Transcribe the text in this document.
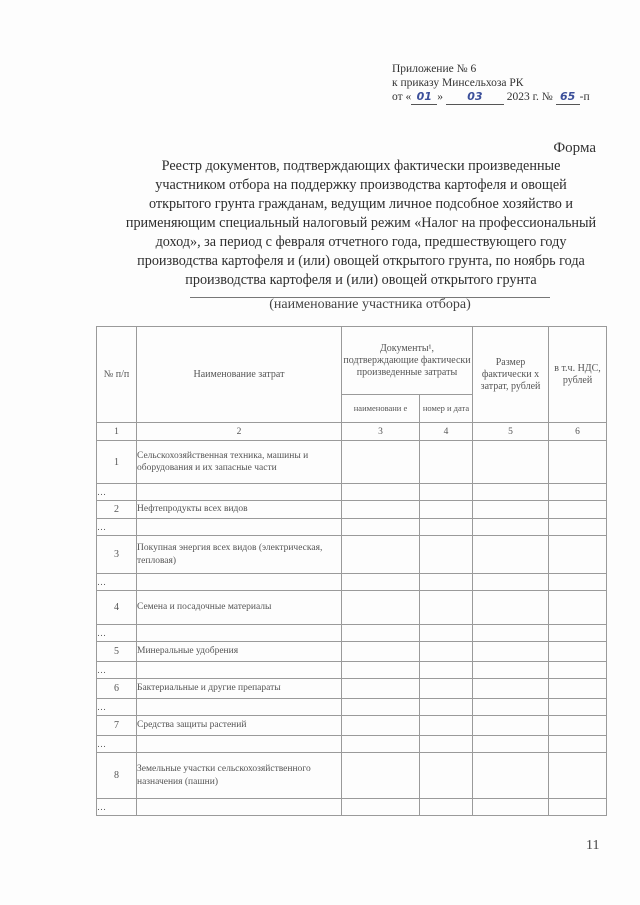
Приложение № 6
к приказу Минсельхоза РК
от « 01 » 03 2023 г. № 65 -п
Форма
Реестр документов, подтверждающих фактически произведенные
участником отбора на поддержку производства картофеля и овощей
открытого грунта гражданам, ведущим личное подсобное хозяйство и
применяющим специальный налоговый режим «Налог на профессиональный
доход», за период с февраля отчетного года, предшествующего году
производства картофеля и (или) овощей открытого грунта, по ноябрь года
производства картофеля и (или) овощей открытого грунта
(наименование участника отбора)
№ п/п	Наименование затрат	Документы¹, подтверждающие фактически произведенные затраты		Размер фактически х затрат, рублей	в т.ч. НДС, рублей
		наименовани е	номер и дата		
1	2	3	4	5	6
1	Сельскохозяйственная техника, машины и оборудования и их запасные части				
…					
2	Нефтепродукты всех видов				
…					
3	Покупная энергия всех видов (электрическая, тепловая)				
…					
4	Семена и посадочные материалы				
…					
5	Минеральные удобрения				
…					
6	Бактериальные и другие препараты				
…					
7	Средства защиты растений				
…					
8	Земельные участки сельскохозяйственного назначения (пашни)				
…					
11
